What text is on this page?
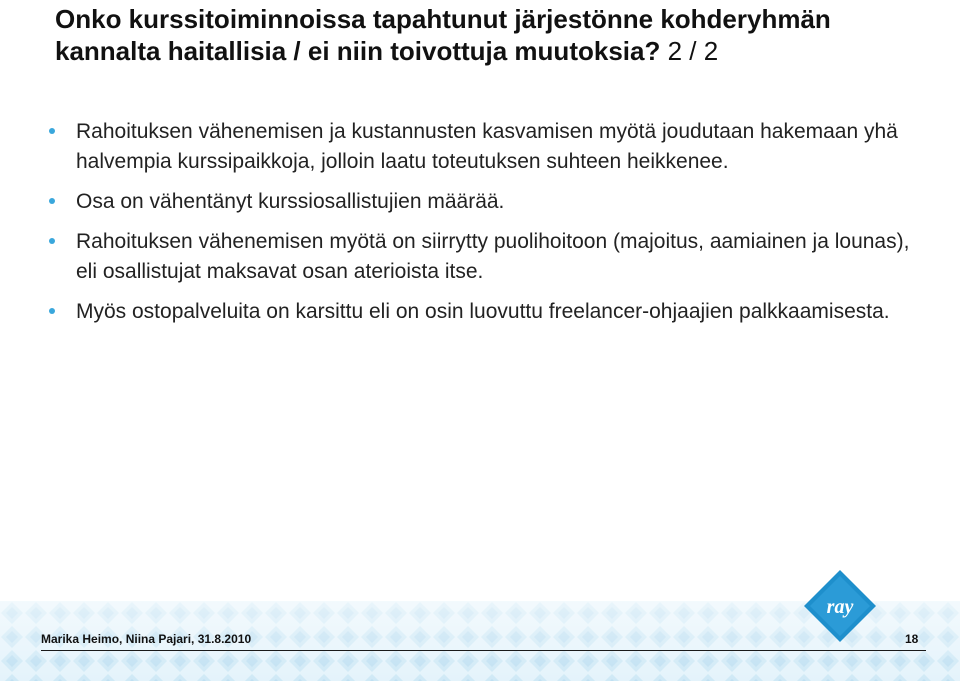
Onko kurssitoiminnoissa tapahtunut järjestönne kohderyhmän kannalta haitallisia / ei niin toivottuja muutoksia? 2 / 2
Rahoituksen vähenemisen ja kustannusten kasvamisen myötä joudutaan hakemaan yhä halvempia kurssipaikkoja, jolloin laatu toteutuksen suhteen heikkenee.
Osa on vähentänyt kurssiosallistujien määrää.
Rahoituksen vähenemisen myötä on siirrytty puolihoitoon (majoitus, aamiainen ja lounas), eli osallistujat maksavat osan aterioista itse.
Myös ostopalveluita on karsittu eli on osin luovuttu freelancer-ohjaajien palkkaamisesta.
ray
Marika Heimo, Niina Pajari, 31.8.2010	18
